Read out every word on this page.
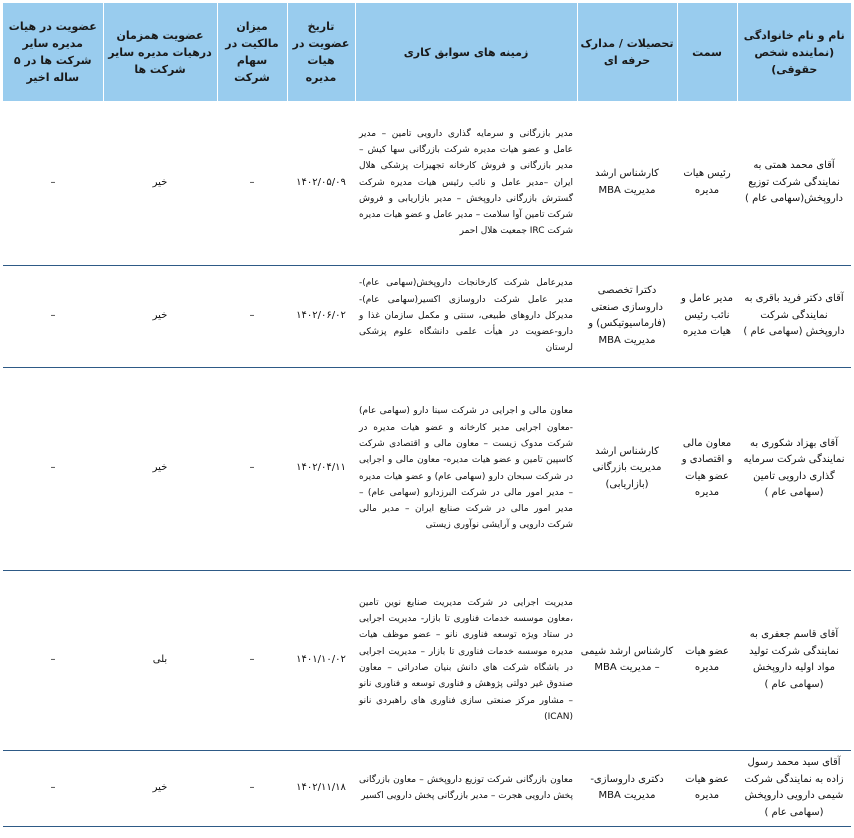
نام و نام خانوادگی (نماینده شخص حقوقی)	سمت	تحصیلات / مدارک حرفه ای	زمینه های سوابق کاری	تاریخ عضویت در هیات مدیره	میزان مالکیت در سهام شرکت	عضویت همزمان درهیات مدیره سایر شرکت ها	عضویت در هیات مدیره سایر شرکت ها در ۵ ساله اخیر
آقای محمد همتی به نمایندگی شرکت توزیع داروپخش(سهامی عام )	رئیس هیات مدیره	کارشناس ارشد مدیریت MBA	مدیر بازرگانی و سرمایه گذاری دارویی تامین – مدیر عامل و عضو هیات مدیره شرکت بازرگانی سها کیش – مدیر بازرگانی و فروش کارخانه تجهیزات پزشکی هلال ایران –مدیر عامل و نائب رئیس هیات مدیره شرکت گسترش بازرگانی داروپخش – مدیر بازاریابی و فروش شرکت تامین آوا سلامت – مدیر عامل و عضو هیات مدیره شرکت IRC جمعیت هلال احمر	۱۴۰۲/۰۵/۰۹	–	خیر	–
آقای دکتر فرید باقری به نمایندگی شرکت داروپخش (سهامی عام )	مدیر عامل و نائب رئیس هیات مدیره	دکترا تخصصی داروسازی صنعتی (فارماسیوتیکس) و مدیریت MBA	مدیرعامل شرکت کارخانجات داروپخش(سهامی عام)-مدیر عامل شرکت داروسازی اکسیر(سهامی عام)-مدیرکل داروهای طبیعی، سنتی و مکمل سازمان غذا و دارو-عضویت در هیأت علمی دانشگاه علوم پزشکی لرستان	۱۴۰۲/۰۶/۰۲	–	خیر	–
آقای بهزاد شکوری به نمایندگی شرکت سرمایه گذاری دارویی تامین (سهامی عام )	معاون مالی و اقتصادی و عضو هیات مدیره	کارشناس ارشد مدیریت بازرگانی (بازاریابی)	معاون مالی و اجرایی در شرکت سینا دارو (سهامی عام) -معاون اجرایی مدیر کارخانه و عضو هیات مدیره در شرکت مدوک زیست – معاون مالی و اقتصادی شرکت کاسپین تامین و عضو هیات مدیره- معاون مالی و اجرایی در شرکت سبحان دارو (سهامی عام) و عضو هیات مدیره – مدیر امور مالی در شرکت البرزدارو (سهامی عام) – مدیر امور مالی در شرکت صنایع ایران – مدیر مالی شرکت دارویی و آرایشی نوآوری زیستی	۱۴۰۲/۰۴/۱۱	–	خیر	–
آقای قاسم جعفری به نمایندگی شرکت تولید مواد اولیه داروپخش (سهامی عام )	عضو هیات مدیره	کارشناس ارشد شیمی – مدیریت MBA	مدیریت اجرایی در شرکت مدیریت صنایع نوین تامین ،معاون موسسه خدمات فناوری تا بازار- مدیریت اجرایی در ستاد ویژه توسعه فناوری نانو – عضو موظف هیات مدیره موسسه خدمات فناوری تا بازار – مدیریت اجرایی در باشگاه شرکت های دانش بنیان صادراتی – معاون صندوق غیر دولتی پژوهش و فناوری توسعه و فناوری نانو – مشاور مرکز صنعتی سازی فناوری های راهبردی نانو (ICAN)	۱۴۰۱/۱۰/۰۲	–	بلی	–
آقای سید محمد رسول زاده به نمایندگی شرکت شیمی دارویی داروپخش (سهامی عام )	عضو هیات مدیره	دکتری داروسازی- مدیریت MBA	معاون بازرگانی شرکت توزیع داروپخش – معاون بازرگانی پخش دارویی هجرت – مدیر بازرگانی پخش دارویی اکسیر	۱۴۰۲/۱۱/۱۸	–	خیر	–
